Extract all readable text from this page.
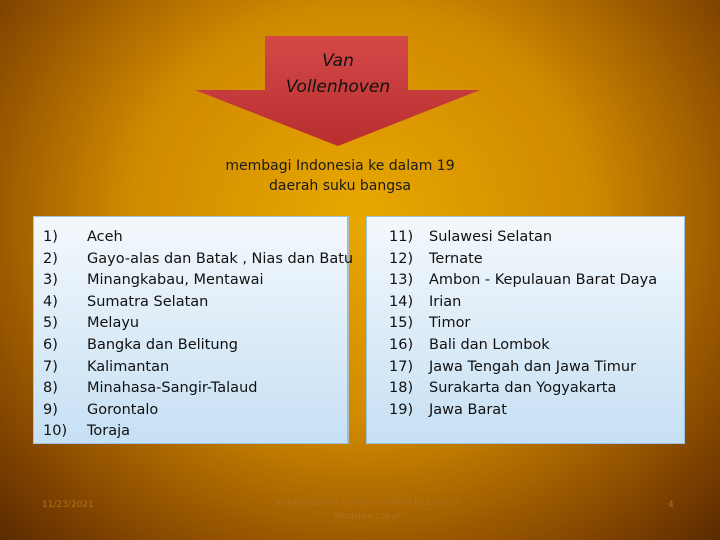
Van
Vollenhoven
membagi Indonesia ke dalam 19
daerah suku bangsa
1)	Aceh
2)	Gayo-alas dan Batak , Nias dan Batu
3)	Minangkabau, Mentawai
4)	Sumatra Selatan
5)	Melayu
6)	Bangka dan Belitung
7)	Kalimantan
8)	Minahasa-Sangir-Talaud
9)	Gorontalo
10)	Toraja
11)	Sulawesi Selatan
12)	Ternate
13)	Ambon - Kepulauan Barat Daya
14)	Irian
15)	Timor
16)	Bali dan Lombok
17)	Jawa Tengah dan Jawa Timur
18)	Surakarta dan Yogyakarta
19)	Jawa Barat
11/23/2021	Keberagaman Budaya - PMKTI Industri //
Moustan Lokal
4
